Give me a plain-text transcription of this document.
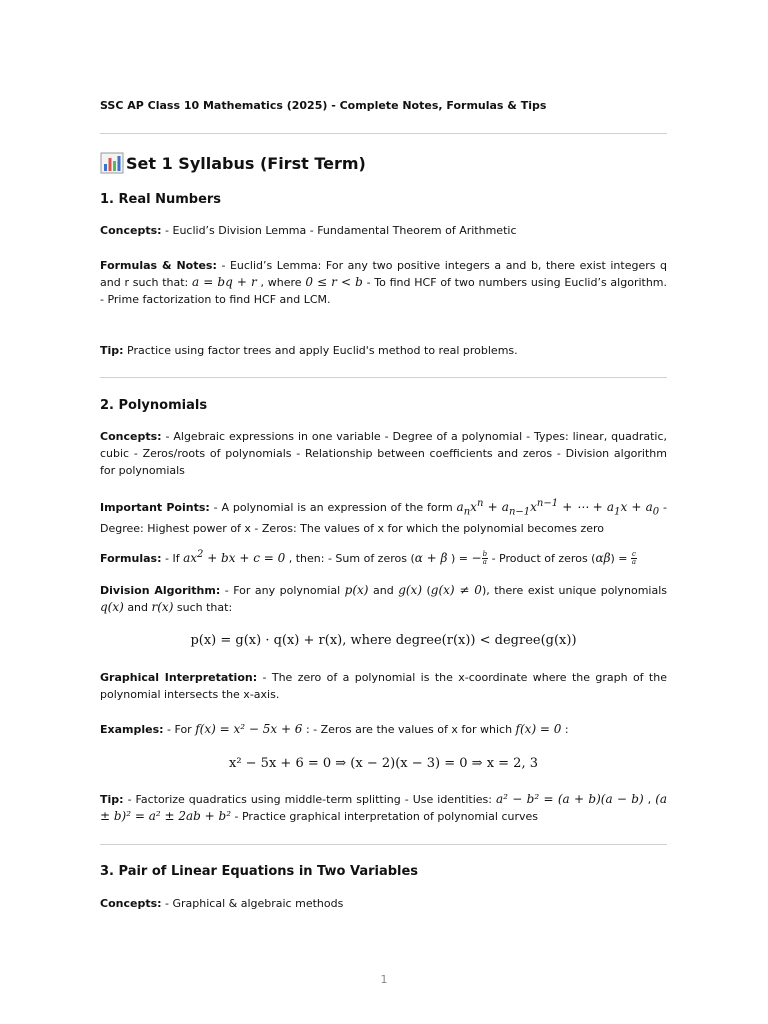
SSC AP Class 10 Mathematics (2025) - Complete Notes, Formulas & Tips
Set 1 Syllabus (First Term)
1. Real Numbers
Concepts: - Euclid’s Division Lemma - Fundamental Theorem of Arithmetic
Formulas & Notes: - Euclid’s Lemma: For any two positive integers a and b, there exist integers q and r such that: a = bq + r , where 0 ≤ r < b - To find HCF of two numbers using Euclid’s algorithm. - Prime factorization to find HCF and LCM.
Tip: Practice using factor trees and apply Euclid's method to real problems.
2. Polynomials
Concepts: - Algebraic expressions in one variable - Degree of a polynomial - Types: linear, quadratic, cubic - Zeros/roots of polynomials - Relationship between coefficients and zeros - Division algorithm for polynomials
Important Points: - A polynomial is an expression of the form $a_nx^n + a_{n-1}x^{n-1}$ + ⋯ + $a_1x + a_0$ - Degree: Highest power of x - Zeros: The values of x for which the polynomial becomes zero
Formulas: - If $ax^2$ + bx + c = 0 , then: - Sum of zeros (α + β ) = − $\frac{b}{a}$ - Product of zeros $(\alpha\beta) = \frac{c}{a}$
Division Algorithm: - For any polynomial p(x) and g(x) (g(x) ≠ 0), there exist unique polynomials q(x) and r(x) such that:
p(x) = g(x) · q(x) + r(x), where degree(r(x)) < degree(g(x))
Graphical Interpretation: - The zero of a polynomial is the x-coordinate where the graph of the polynomial intersects the x-axis.
Examples: - For f(x) = x² − 5x + 6 : - Zeros are the values of x for which f(x) = 0 :
x² − 5x + 6 = 0 ⇒ (x − 2)(x − 3) = 0 ⇒ x = 2, 3
Tip: - Factorize quadratics using middle-term splitting - Use identities: a² − b² = (a + b)(a − b) , (a ± b)² = a² ± 2ab + b² - Practice graphical interpretation of polynomial curves
3. Pair of Linear Equations in Two Variables
Concepts: - Graphical & algebraic methods
1
